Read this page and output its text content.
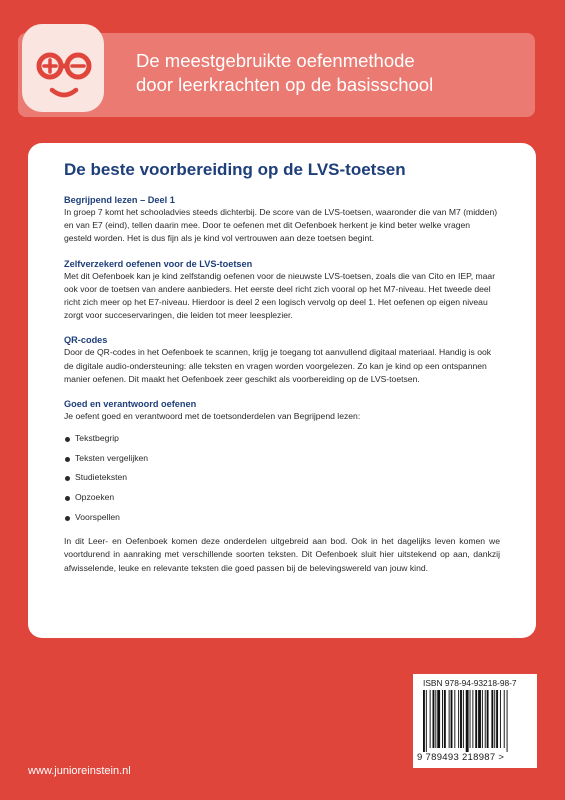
De meestgebruikte oefenmethode
door leerkrachten op de basisschool
De beste voorbereiding op de LVS-toetsen

Begrijpend lezen – Deel 1

In groep 7 komt het schooladvies steeds dichterbij. De score van de LVS-toetsen, waaronder die van M7 (midden) en van E7 (eind), tellen daarin mee. Door te oefenen met dit Oefenboek herkent je kind beter welke vragen gesteld worden. Het is dus fijn als je kind vol vertrouwen aan deze toetsen begint.

Zelfverzekerd oefenen voor de LVS-toetsen

Met dit Oefenboek kan je kind zelfstandig oefenen voor de nieuwste LVS-toetsen, zoals die van Cito en IEP, maar ook voor de toetsen van andere aanbieders. Het eerste deel richt zich vooral op het M7-niveau. Het tweede deel richt zich meer op het E7-niveau. Hierdoor is deel 2 een logisch vervolg op deel 1. Het oefenen op eigen niveau zorgt voor succeservaringen, die leiden tot meer leesplezier.

QR-codes

Door de QR-codes in het Oefenboek te scannen, krijg je toegang tot aanvullend digitaal materiaal. Handig is ook de digitale audio-ondersteuning: alle teksten en vragen worden voorgelezen. Zo kan je kind op een ontspannen manier oefenen. Dit maakt het Oefenboek zeer geschikt als voorbereiding op de LVS-toetsen.

Goed en verantwoord oefenen

Je oefent goed en verantwoord met de toetsonderdelen van Begrijpend lezen:

Tekstbegrip
Teksten vergelijken
Studieteksten
Opzoeken
Voorspellen

In dit Leer- en Oefenboek komen deze onderdelen uitgebreid aan bod. Ook in het dagelijks leven komen we voortdurend in aanraking met verschillende soorten teksten. Dit Oefenboek sluit hier uitstekend op aan, dankzij afwisselende, leuke en relevante teksten die goed passen bij de belevingswereld van jouw kind.

ISBN 978-94-93218-98-7
9 789493 218987 >
www.junioreinstein.nl
